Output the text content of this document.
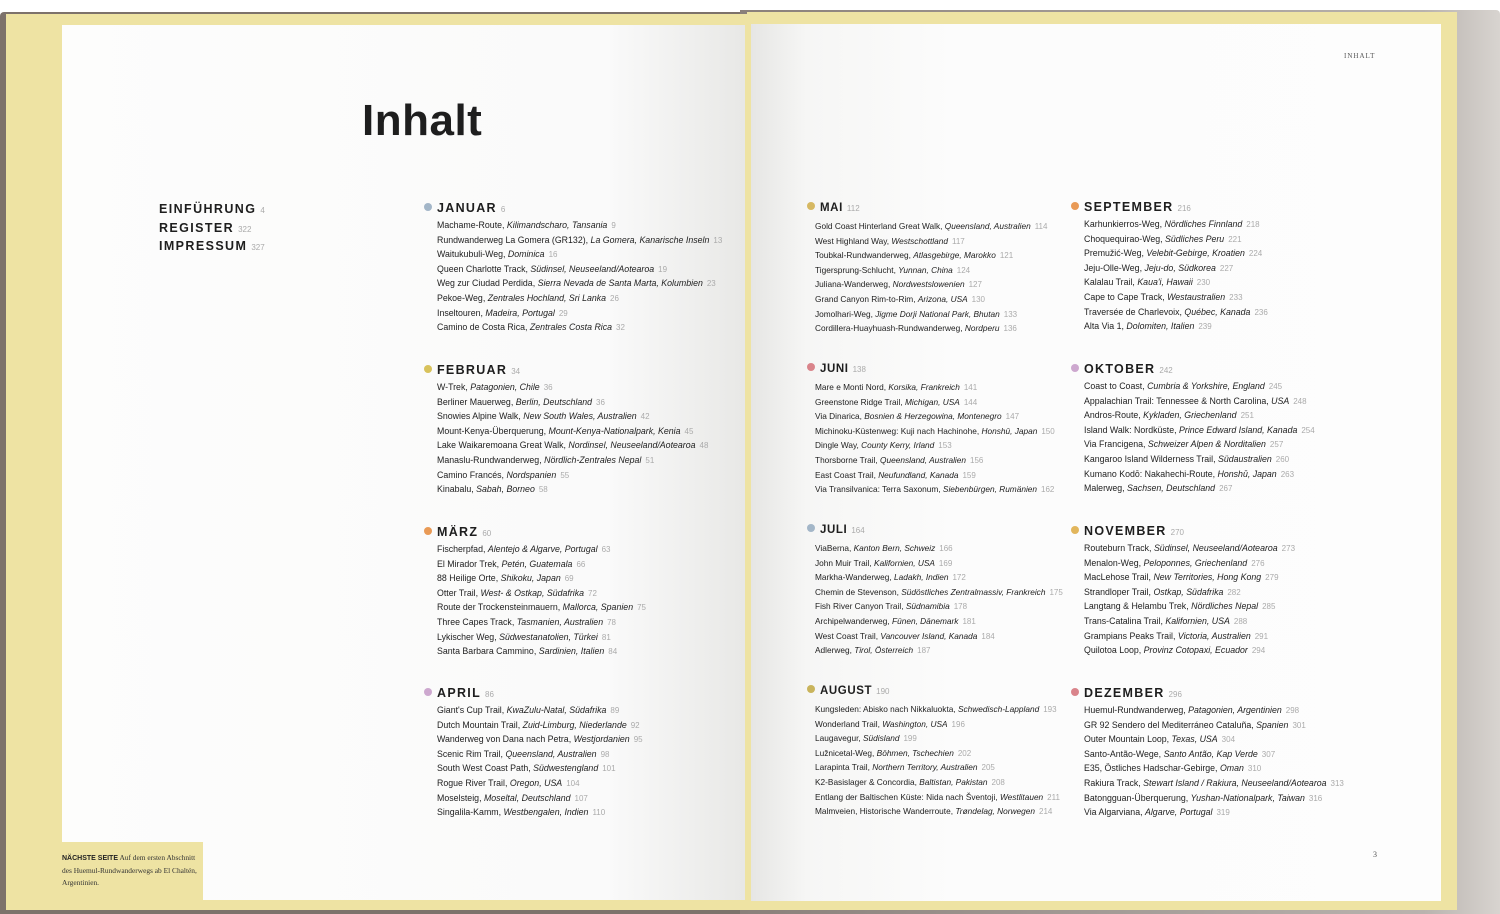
Inhalt
INHALT
3
EINFÜHRUNG 4
REGISTER 322
IMPRESSUM 327
JANUAR 6
Machame-Route , Kilimandscharo, Tansania 9
Rundwanderweg La Gomera (GR132) , La Gomera, Kanarische Inseln 13
Waitukubuli-Weg , Dominica 16
Queen Charlotte Track , Südinsel, Neuseeland/Aotearoa 19
Weg zur Ciudad Perdida , Sierra Nevada de Santa Marta, Kolumbien 23
Pekoe-Weg , Zentrales Hochland, Sri Lanka 26
Inseltouren , Madeira, Portugal 29
Camino de Costa Rica , Zentrales Costa Rica 32
FEBRUAR 34
W-Trek , Patagonien, Chile 36
Berliner Mauerweg , Berlin, Deutschland 36
Snowies Alpine Walk , New South Wales, Australien 42
Mount-Kenya-Überquerung , Mount-Kenya-Nationalpark, Kenia 45
Lake Waikaremoana Great Walk , Nordinsel, Neuseeland/Aotearoa 48
Manaslu-Rundwanderweg , Nördlich-Zentrales Nepal 51
Camino Francés , Nordspanien 55
Kinabalu , Sabah, Borneo 58
MÄRZ 60
Fischerpfad , Alentejo & Algarve, Portugal 63
El Mirador Trek , Petén, Guatemala 66
88 Heilige Orte , Shikoku, Japan 69
Otter Trail , West- & Ostkap, Südafrika 72
Route der Trockensteinmauern , Mallorca, Spanien 75
Three Capes Track , Tasmanien, Australien 78
Lykischer Weg , Südwestanatolien, Türkei 81
Santa Barbara Cammino , Sardinien, Italien 84
APRIL 86
Giant's Cup Trail , KwaZulu-Natal, Südafrika 89
Dutch Mountain Trail , Zuid-Limburg, Niederlande 92
Wanderweg von Dana nach Petra , Westjordanien 95
Scenic Rim Trail , Queensland, Australien 98
South West Coast Path , Südwestengland 101
Rogue River Trail , Oregon, USA 104
Moselsteig , Moseltal, Deutschland 107
Singalila-Kamm , Westbengalen, Indien 110
MAI 112
Gold Coast Hinterland Great Walk , Queensland, Australien 114
West Highland Way , Westschottland 117
Toubkal-Rundwanderweg , Atlasgebirge, Marokko 121
Tigersprung-Schlucht , Yunnan, China 124
Juliana-Wanderweg , Nordwestslowenien 127
Grand Canyon Rim-to-Rim , Arizona, USA 130
Jomolhari-Weg , Jigme Dorji National Park, Bhutan 133
Cordillera-Huayhuash-Rundwanderweg , Nordperu 136
JUNI 138
Mare e Monti Nord , Korsika, Frankreich 141
Greenstone Ridge Trail , Michigan, USA 144
Via Dinarica , Bosnien & Herzegowina, Montenegro 147
Michinoku-Küstenweg: Kuji nach Hachinohe , Honshū, Japan 150
Dingle Way , County Kerry, Irland 153
Thorsborne Trail , Queensland, Australien 156
East Coast Trail , Neufundland, Kanada 159
Via Transilvanica: Terra Saxonum , Siebenbürgen, Rumänien 162
JULI 164
ViaBerna , Kanton Bern, Schweiz 166
John Muir Trail , Kalifornien, USA 169
Markha-Wanderweg , Ladakh, Indien 172
Chemin de Stevenson , Südöstliches Zentralmassiv, Frankreich 175
Fish River Canyon Trail , Südnamibia 178
Archipelwanderweg , Fünen, Dänemark 181
West Coast Trail , Vancouver Island, Kanada 184
Adlerweg , Tirol, Österreich 187
AUGUST 190
Kungsleden: Abisko nach Nikkaluokta , Schwedisch-Lappland 193
Wonderland Trail , Washington, USA 196
Laugavegur , Südisland 199
Lužnicetal-Weg , Böhmen, Tschechien 202
Larapinta Trail , Northern Territory, Australien 205
K2-Basislager & Concordia , Baltistan, Pakistan 208
Entlang der Baltischen Küste: Nida nach Šventoji , Westlitauen 211
Malmveien, Historische Wanderroute , Trøndelag, Norwegen 214
SEPTEMBER 216
Karhunkierros-Weg , Nördliches Finnland 218
Choquequirao-Weg , Südliches Peru 221
Premužić-Weg , Velebit-Gebirge, Kroatien 224
Jeju-Olle-Weg , Jeju-do, Südkorea 227
Kalalau Trail , Kaua'i, Hawaii 230
Cape to Cape Track , Westaustralien 233
Traversée de Charlevoix , Québec, Kanada 236
Alta Via 1 , Dolomiten, Italien 239
OKTOBER 242
Coast to Coast , Cumbria & Yorkshire, England 245
Appalachian Trail: Tennessee & North Carolina , USA 248
Andros-Route , Kykladen, Griechenland 251
Island Walk: Nordküste , Prince Edward Island, Kanada 254
Via Francigena , Schweizer Alpen & Norditalien 257
Kangaroo Island Wilderness Trail , Südaustralien 260
Kumano Kodō: Nakahechi-Route , Honshū, Japan 263
Malerweg , Sachsen, Deutschland 267
NOVEMBER 270
Routeburn Track , Südinsel, Neuseeland/Aotearoa 273
Menalon-Weg , Peloponnes, Griechenland 276
MacLehose Trail , New Territories, Hong Kong 279
Strandloper Trail , Ostkap, Südafrika 282
Langtang & Helambu Trek , Nördliches Nepal 285
Trans-Catalina Trail , Kalifornien, USA 288
Grampians Peaks Trail , Victoria, Australien 291
Quilotoa Loop , Provinz Cotopaxi, Ecuador 294
DEZEMBER 296
Huemul-Rundwanderweg , Patagonien, Argentinien 298
GR 92 Sendero del Mediterráneo Cataluña , Spanien 301
Outer Mountain Loop , Texas, USA 304
Santo-Antão-Wege , Santo Antão, Kap Verde 307
E35, Östliches Hadschar-Gebirge , Oman 310
Rakiura Track , Stewart Island / Rakiura, Neuseeland/Aotearoa 313
Batongguan-Überquerung , Yushan-Nationalpark, Taiwan 316
Via Algarviana , Algarve, Portugal 319
NÄCHSTE SEITE Auf dem ersten Abschnitt des Huemul-Rundwanderwegs ab El Chaltén, Argentinien.
